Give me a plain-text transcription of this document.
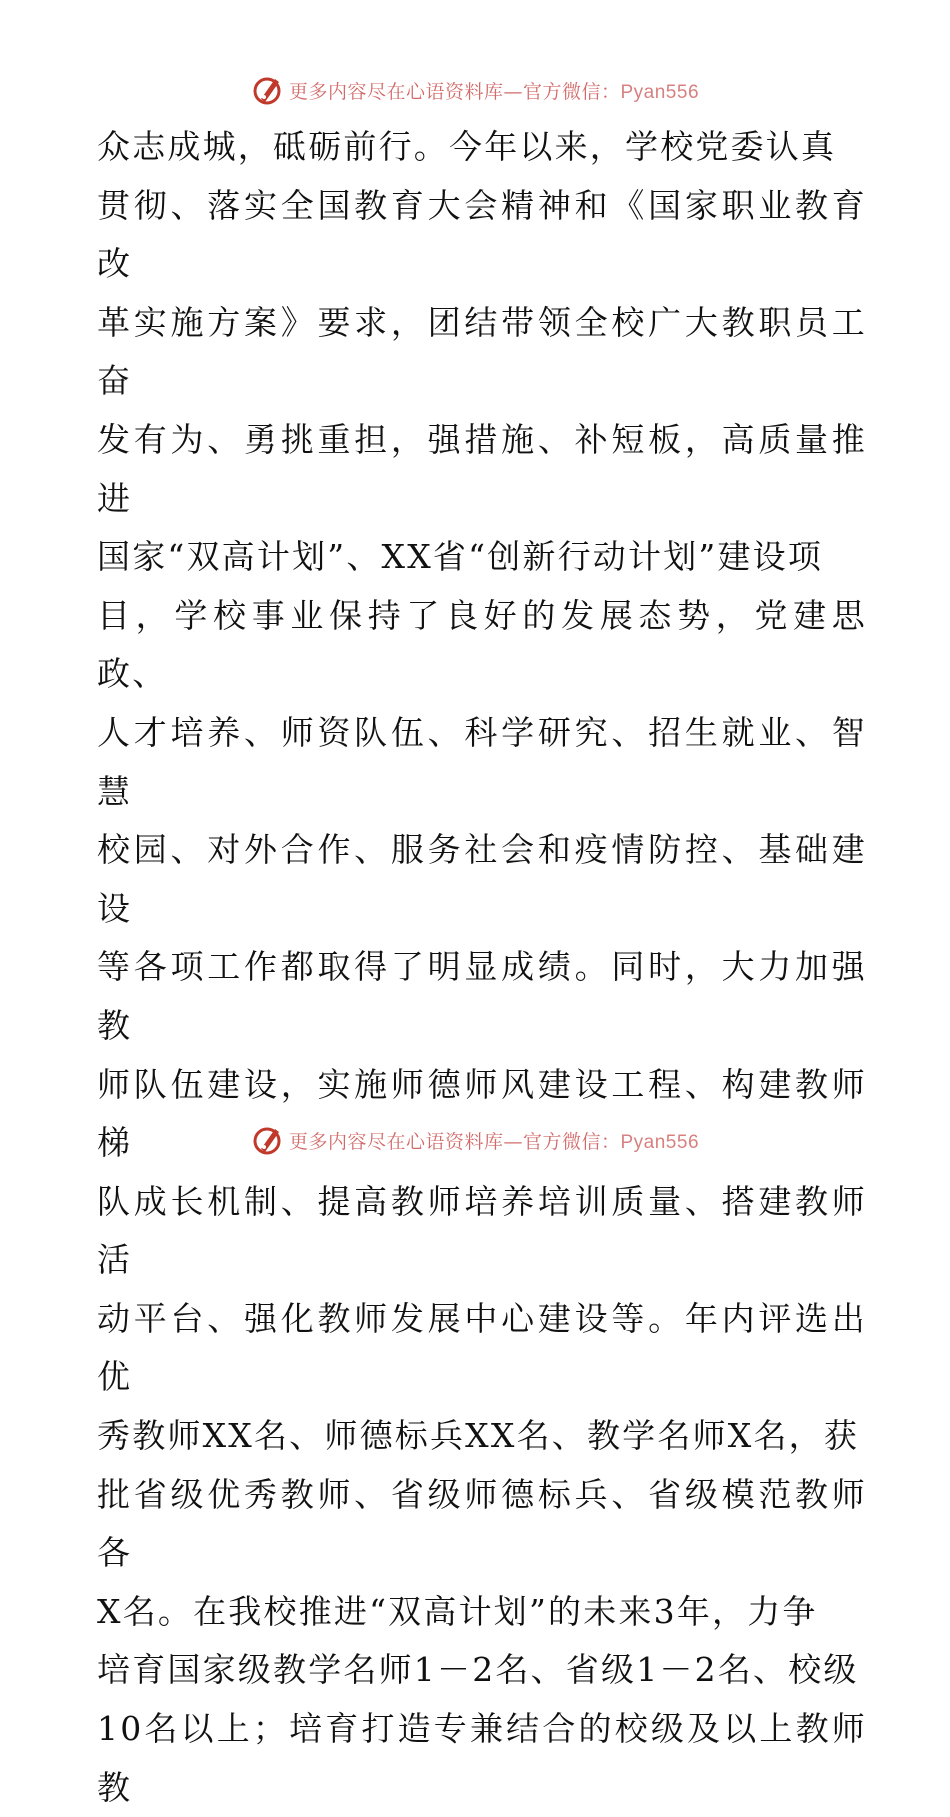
更多内容尽在心语资料库—官方微信：Pyan556

众志成城，砥砺前行。今年以来，学校党委认真
贯彻、落实全国教育大会精神和《国家职业教育改
革实施方案》要求，团结带领全校广大教职员工奋
发有为、勇挑重担，强措施、补短板，高质量推进
国家“双高计划”、XX省“创新行动计划”建设项
目，学校事业保持了良好的发展态势，党建思政、
人才培养、师资队伍、科学研究、招生就业、智慧
校园、对外合作、服务社会和疫情防控、基础建设
等各项工作都取得了明显成绩。同时，大力加强教
师队伍建设，实施师德师风建设工程、构建教师梯
队成长机制、提高教师培养培训质量、搭建教师活
动平台、强化教师发展中心建设等。年内评选出优
秀教师XX名、师德标兵XX名、教学名师X名，获
批省级优秀教师、省级师德标兵、省级模范教师各
X名。在我校推进“双高计划”的未来3年，力争
培育国家级教学名师1－2名、省级1－2名、校级
10名以上；培育打造专兼结合的校级及以上教师教

更多内容尽在心语资料库—官方微信：Pyan556
